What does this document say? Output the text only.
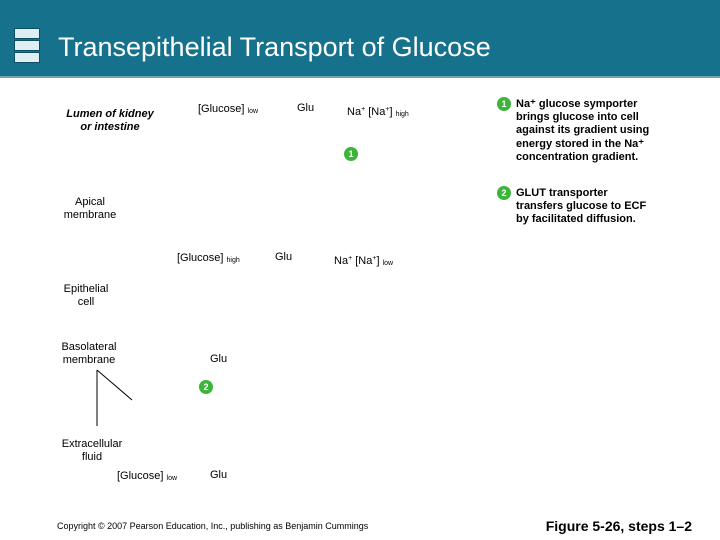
Transepithelial Transport of Glucose
Lumen of kidney
or intestine
[Glucose] $_{low}$	Glu	Na+ [Na+] $_{high}$
1
Apical
membrane
[Glucose] $_{high}$	Glu	Na+ [Na+] $_{low}$
Epithelial
cell
Basolateral
membrane	Glu
2
Extracellular
fluid
[Glucose] $_{low}$	Glu
1 Na⁺ glucose symporter
brings glucose into cell
against its gradient using
energy stored in the Na⁺
concentration gradient.
2 GLUT transporter
transfers glucose to ECF
by facilitated diffusion.
Copyright © 2007 Pearson Education, Inc., publishing as Benjamin Cummings	Figure 5-26, steps 1–2
